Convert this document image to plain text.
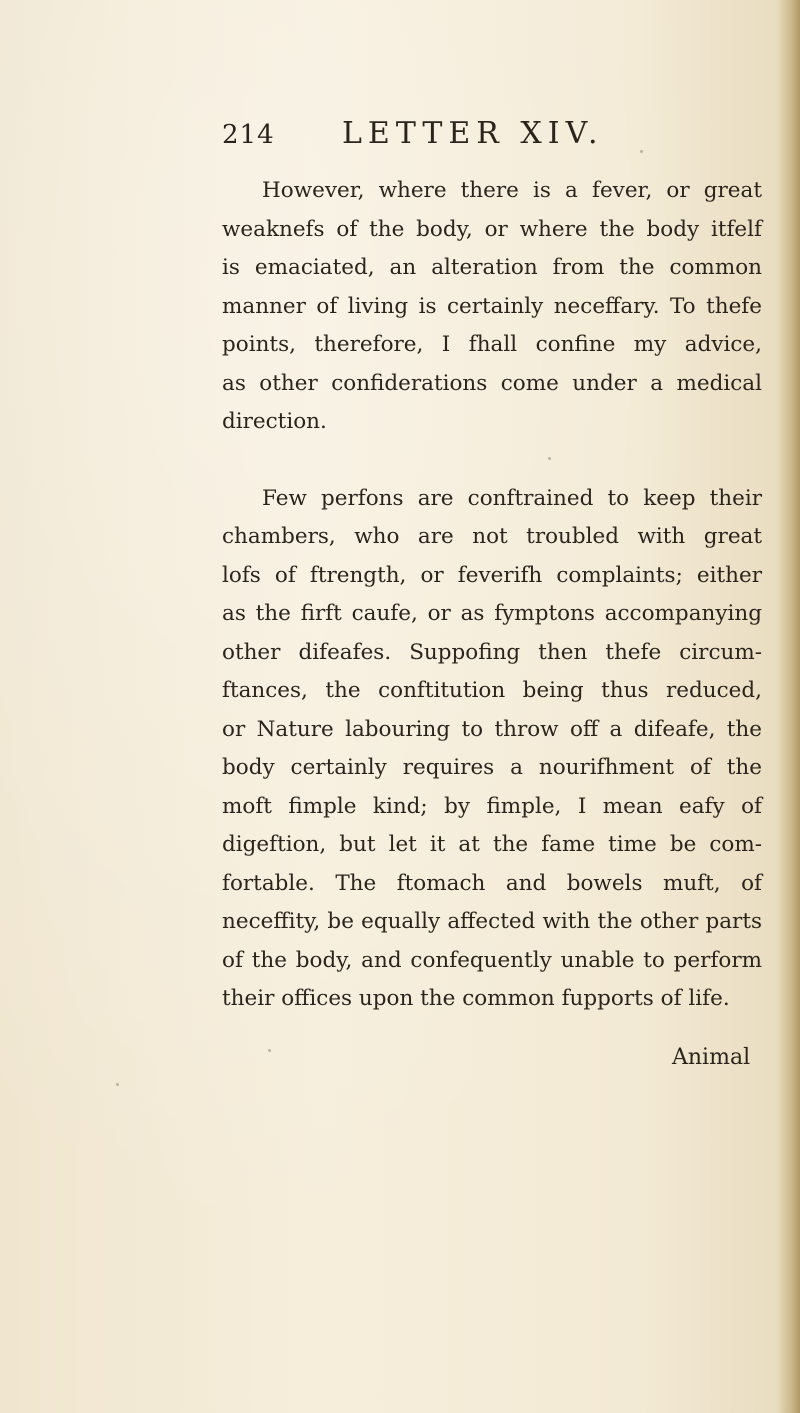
214 LETTER XIV.

However, where there is a fever, or great
weaknefs of the body, or where the body itfelf
is emaciated, an alteration from the common
manner of living is certainly neceffary. To thefe
points, therefore, I fhall confine my advice,
as other confiderations come under a medical
direction.

Few perfons are conftrained to keep their
chambers, who are not troubled with great
lofs of ftrength, or feverifh complaints; either
as the firft caufe, or as fymptons accompanying
other difeafes. Suppofing then thefe circum-
ftances, the conftitution being thus reduced,
or Nature labouring to throw off a difeafe, the
body certainly requires a nourifhment of the
moft fimple kind; by fimple, I mean eafy of
digeftion, but let it at the fame time be com-
fortable. The ftomach and bowels muft, of
neceffity, be equally affected with the other parts
of the body, and confequently unable to perform
their offices upon the common fupports of life.

Animal
